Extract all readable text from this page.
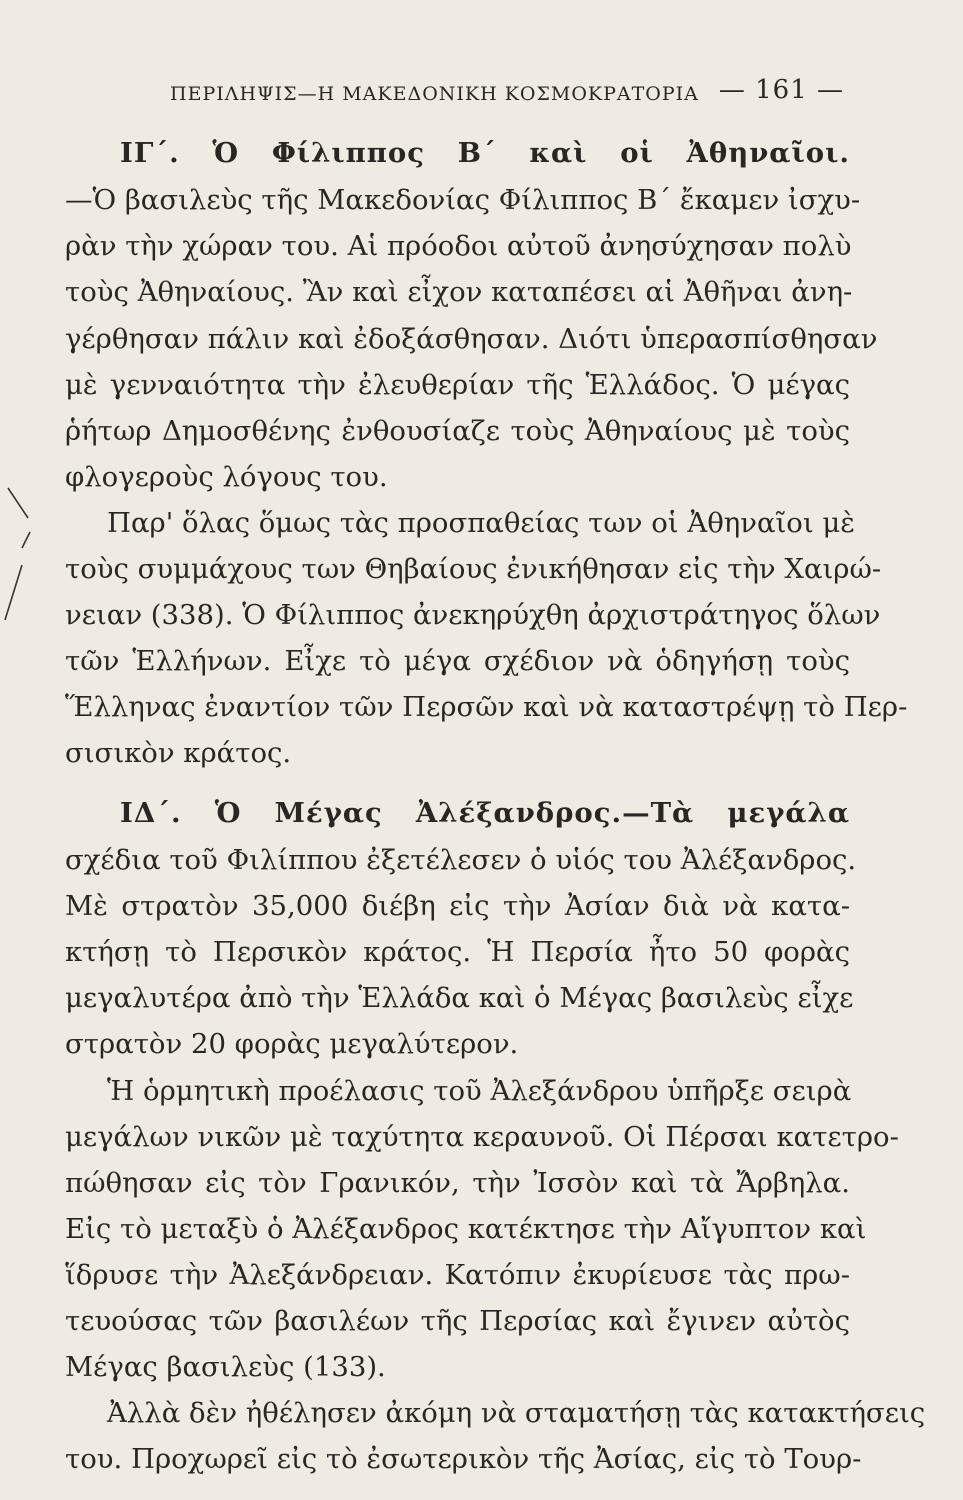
ΠΕΡΙΛΗΨΙΣ—Η ΜΑΚΕΔΟΝΙΚΗ ΚΟΣΜΟΚΡΑΤΟΡΙΑ — 161 —
ΙΓ΄. Ὁ Φίλιππος Β΄ καὶ οἱ Ἀθηναῖοι.
—Ὁ βασιλεὺς τῆς Μακεδονίας Φίλιππος Β΄ ἔκαμεν ἰσχυ-
ρὰν τὴν χώραν του. Αἱ πρόοδοι αὐτοῦ ἀνησύχησαν πολὺ
τοὺς Ἀθηναίους. Ἂν καὶ εἶχον καταπέσει αἱ Ἀθῆναι ἀνη-
γέρθησαν πάλιν καὶ ἐδοξάσθησαν. Διότι ὑπερασπίσθησαν
μὲ γενναιότητα τὴν ἐλευθερίαν τῆς Ἑλλάδος. Ὁ μέγας
ῥήτωρ Δημοσθένης ἐνθουσίαζε τοὺς Ἀθηναίους μὲ τοὺς
φλογεροὺς λόγους του.
Παρ' ὅλας ὅμως τὰς προσπαθείας των οἱ Ἀθηναῖοι μὲ
τοὺς συμμάχους των Θηβαίους ἐνικήθησαν εἰς τὴν Χαιρώ-
νειαν (338). Ὁ Φίλιππος ἀνεκηρύχθη ἀρχιστράτηγος ὅλων
τῶν Ἑλλήνων. Εἶχε τὸ μέγα σχέδιον νὰ ὁδηγήσῃ τοὺς
Ἕλληνας ἐναντίον τῶν Περσῶν καὶ νὰ καταστρέψῃ τὸ Περ-
σισικὸν κράτος.
ΙΔ΄. Ὁ Μέγας Ἀλέξανδρος.—Τὰ μεγάλα
σχέδια τοῦ Φιλίππου ἐξετέλεσεν ὁ υἱός του Ἀλέξανδρος.
Μὲ στρατὸν 35,000 διέβη εἰς τὴν Ἀσίαν διὰ νὰ κατα-
κτήσῃ τὸ Περσικὸν κράτος. Ἡ Περσία ἦτο 50 φορὰς
μεγαλυτέρα ἀπὸ τὴν Ἑλλάδα καὶ ὁ Μέγας βασιλεὺς εἶχε
στρατὸν 20 φορὰς μεγαλύτερον.
Ἡ ὁρμητικὴ προέλασις τοῦ Ἀλεξάνδρου ὑπῆρξε σειρὰ
μεγάλων νικῶν μὲ ταχύτητα κεραυνοῦ. Οἱ Πέρσαι κατετρο-
πώθησαν εἰς τὸν Γρανικόν, τὴν Ἰσσὸν καὶ τὰ Ἄρβηλα.
Εἰς τὸ μεταξὺ ὁ Ἀλέξανδρος κατέκτησε τὴν Αἴγυπτον καὶ
ἵδρυσε τὴν Ἀλεξάνδρειαν. Κατόπιν ἐκυρίευσε τὰς πρω-
τευούσας τῶν βασιλέων τῆς Περσίας καὶ ἔγινεν αὐτὸς
Μέγας βασιλεὺς (133).
Ἀλλὰ δὲν ἠθέλησεν ἀκόμη νὰ σταματήσῃ τὰς κατακτήσεις
του. Προχωρεῖ εἰς τὸ ἐσωτερικὸν τῆς Ἀσίας, εἰς τὸ Τουρ-
